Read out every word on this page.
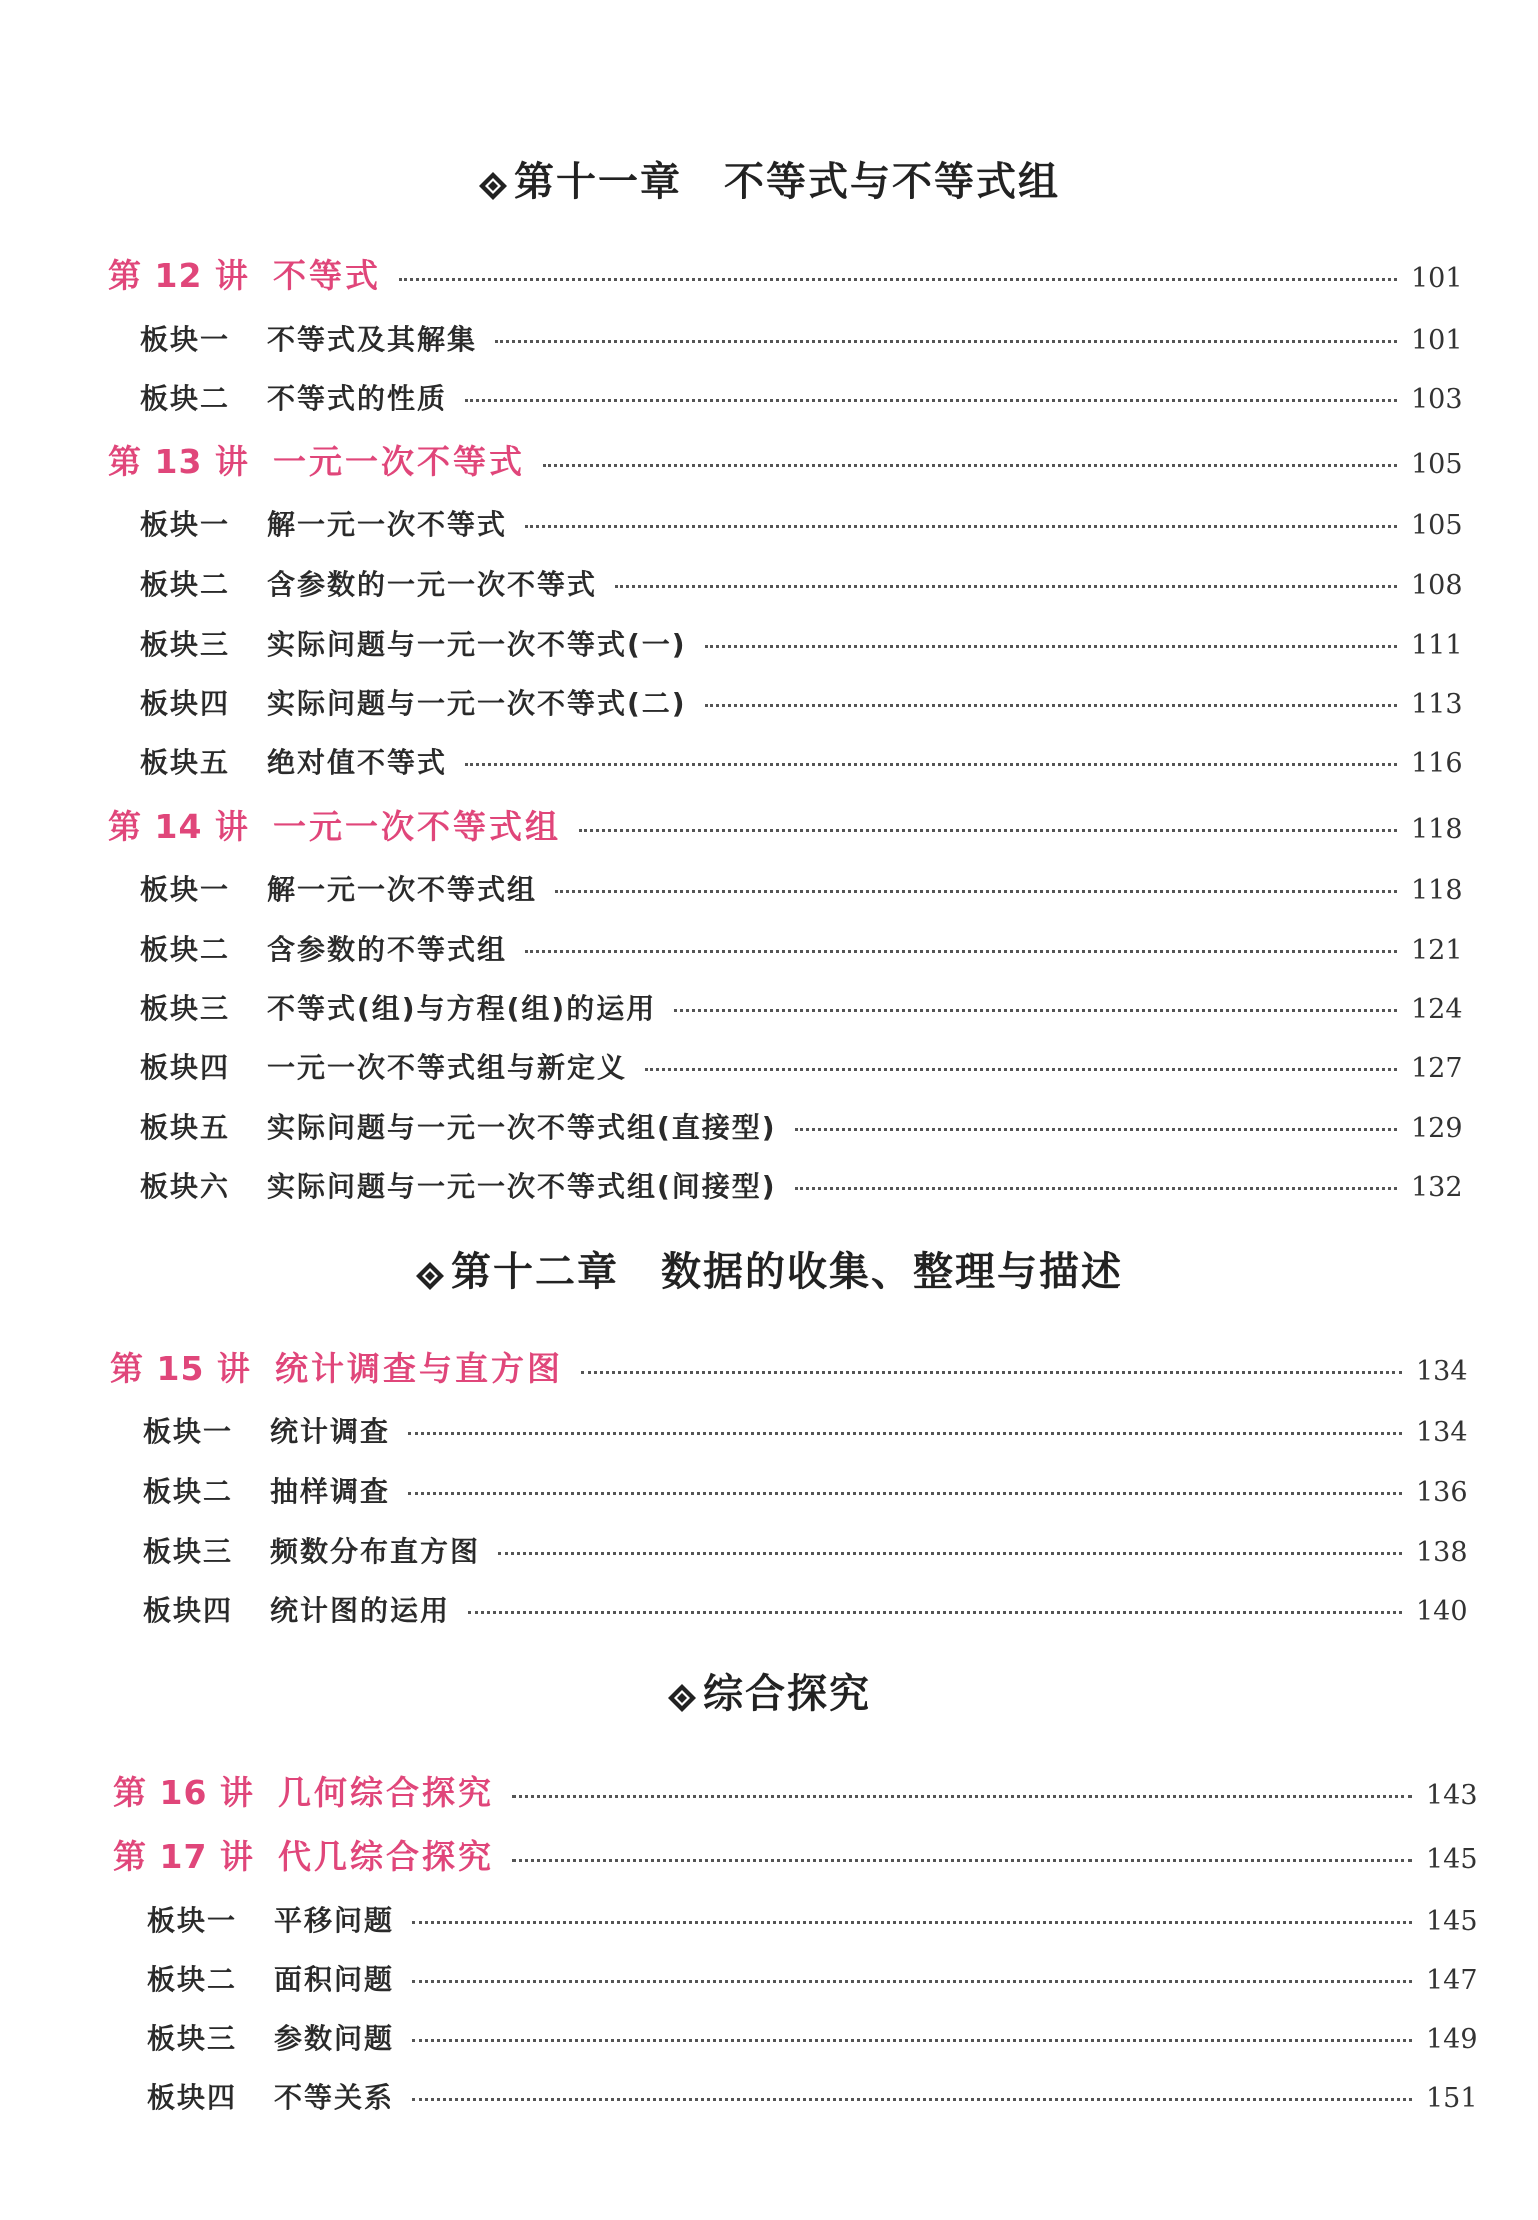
第十一章　不等式与不等式组
第 12 讲 不等式	101
板块一	不等式及其解集	101
板块二	不等式的性质	103
第 13 讲 一元一次不等式	105
板块一	解一元一次不等式	105
板块二	含参数的一元一次不等式	108
板块三	实际问题与一元一次不等式(一)	111
板块四	实际问题与一元一次不等式(二)	113
板块五	绝对值不等式	116
第 14 讲 一元一次不等式组	118
板块一	解一元一次不等式组	118
板块二	含参数的不等式组	121
板块三	不等式(组)与方程(组)的运用	124
板块四	一元一次不等式组与新定义	127
板块五	实际问题与一元一次不等式组(直接型)	129
板块六	实际问题与一元一次不等式组(间接型)	132
第十二章　数据的收集、整理与描述
第 15 讲 统计调查与直方图	134
板块一	统计调查	134
板块二	抽样调查	136
板块三	频数分布直方图	138
板块四	统计图的运用	140
综合探究
第 16 讲 几何综合探究	143
第 17 讲 代几综合探究	145
板块一	平移问题	145
板块二	面积问题	147
板块三	参数问题	149
板块四	不等关系	151
